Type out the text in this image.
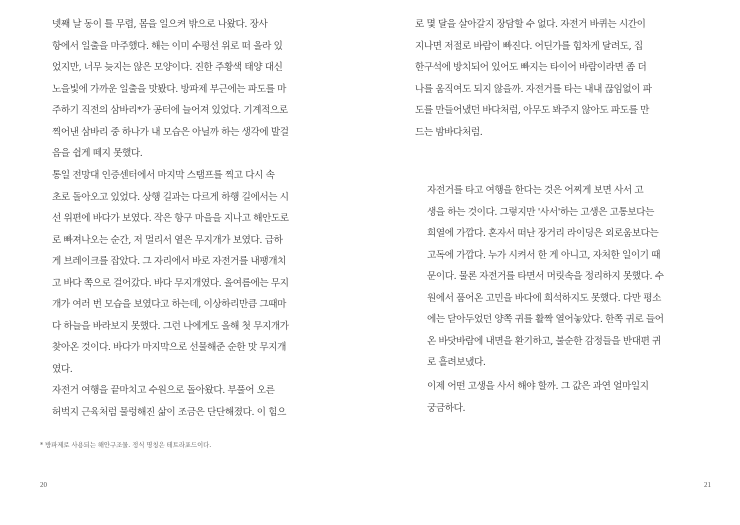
넷째 날 동이 틀 무렵, 몸을 일으켜 밖으로 나왔다. 장사
항에서 일출을 마주했다. 해는 이미 수평선 위로 떠 올라 있
었지만, 너무 늦지는 않은 모양이다. 진한 주황색 태양 대신
노을빛에 가까운 일출을 맛봤다. 방파제 부근에는 파도를 마
주하기 직전의 삼바리*가 공터에 늘어져 있었다. 기계적으로
찍어낸 삼바리 중 하나가 내 모습은 아닐까 하는 생각에 발걸
음을 쉽게 떼지 못했다.
통일 전망대 인증센터에서 마지막 스탬프를 찍고 다시 속
초로 돌아오고 있었다. 상행 길과는 다르게 하행 길에서는 시
선 위편에 바다가 보였다. 작은 항구 마을을 지나고 해안도로
로 빠져나오는 순간, 저 멀리서 옅은 무지개가 보였다. 급하
게 브레이크를 잡았다. 그 자리에서 바로 자전거를 내팽개치
고 바다 쪽으로 걸어갔다. 바다 무지개였다. 올여름에는 무지
개가 여러 번 모습을 보였다고 하는데, 이상하리만큼 그때마
다 하늘을 바라보지 못했다. 그런 나에게도 올해 첫 무지개가
찾아온 것이다. 바다가 마지막으로 선물해준 순한 맛 무지개
였다.
자전거 여행을 끝마치고 수원으로 돌아왔다. 부풀어 오른
허벅지 근육처럼 물렁해진 삶이 조금은 단단해졌다. 이 힘으
* 방파제로 사용되는 해안구조물. 정식 명칭은 테트라포드이다.
20
로 몇 달을 살아갈지 장담할 수 없다. 자전거 바퀴는 시간이
지나면 저절로 바람이 빠진다. 어딘가를 힘차게 달려도, 집
한구석에 방치되어 있어도 빠지는 타이어 바람이라면 좀 더
나를 움직여도 되지 않을까. 자전거를 타는 내내 끊임없이 파
도를 만들어냈던 바다처럼, 아무도 봐주지 않아도 파도를 만
드는 밤바다처럼.
자전거를 타고 여행을 한다는 것은 어찌게 보면 사서 고
생을 하는 것이다. 그렇지만 '사서'하는 고생은 고통보다는
희열에 가깝다. 혼자서 떠난 장거리 라이딩은 외로움보다는
고독에 가깝다. 누가 시켜서 한 게 아니고, 자처한 일이기 때
문이다. 물론 자전거를 타면서 머릿속을 정리하지 못했다. 수
원에서 품어온 고민을 바다에 희석하지도 못했다. 다만 평소
에는 닫아두었던 양쪽 귀를 활짝 열어놓았다. 한쪽 귀로 들어
온 바닷바람에 내면을 환기하고, 불순한 감정들을 반대편 귀
로 흘려보냈다.
이제 어떤 고생을 사서 해야 할까. 그 값은 과연 얼마일지
궁금하다.
21
